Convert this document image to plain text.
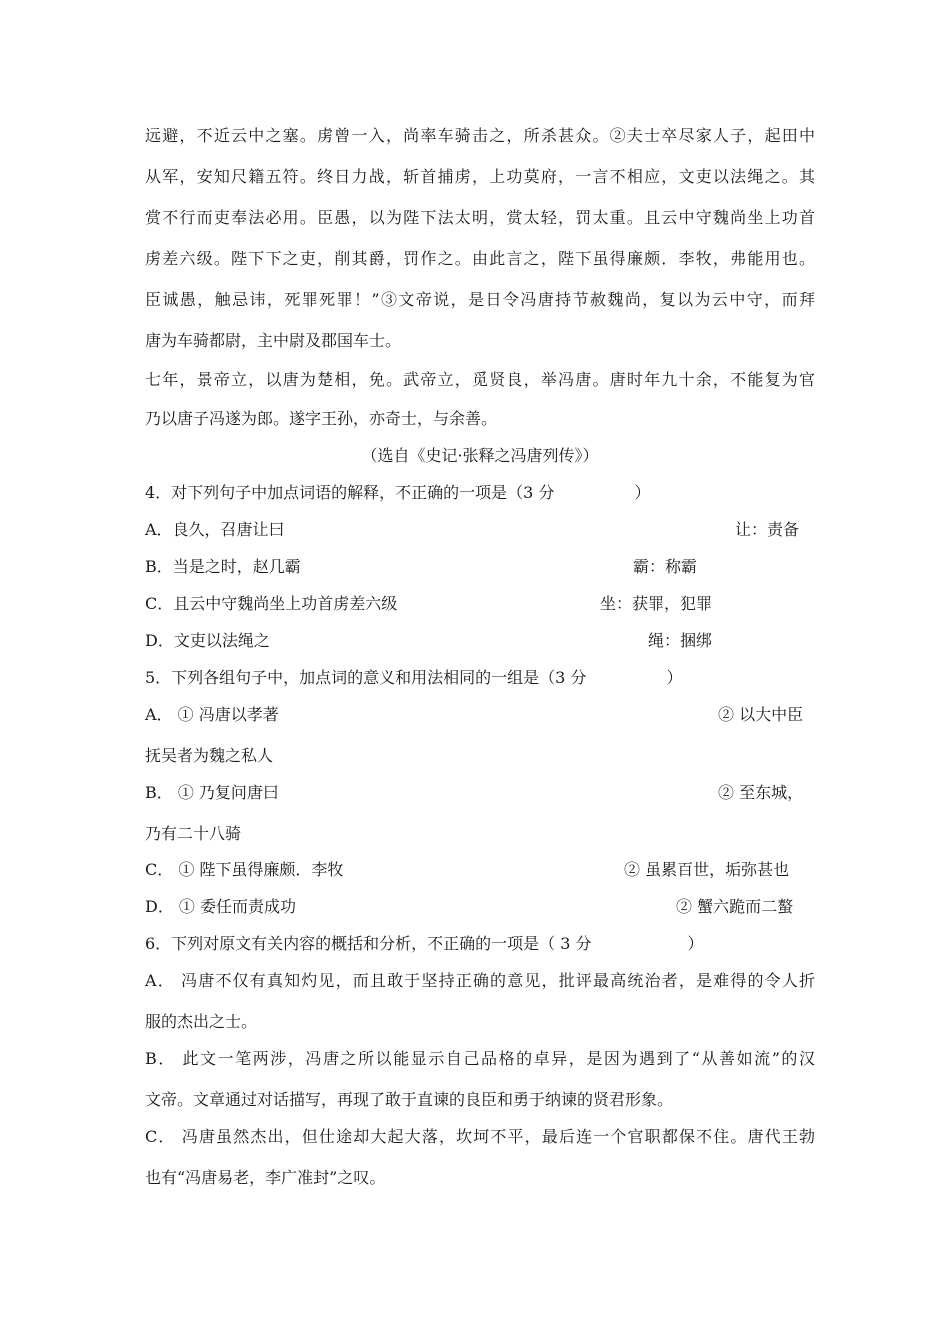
远避，不近云中之塞。虏曾一入，尚率车骑击之，所杀甚众。②夫士卒尽家人子，起田中
从军，安知尺籍五符。终日力战，斩首捕虏，上功莫府，一言不相应，文吏以法绳之。其
赏不行而吏奉法必用。臣愚，以为陛下法太明，赏太轻，罚太重。且云中守魏尚坐上功首
虏差六级。陛下下之吏，削其爵，罚作之。由此言之，陛下虽得廉颇．李牧，弗能用也。
臣诚愚，触忌讳，死罪死罪！”③文帝说，是日令冯唐持节赦魏尚，复以为云中守，而拜
唐为车骑都尉，主中尉及郡国车士。
七年，景帝立，以唐为楚相，免。武帝立，觅贤良，举冯唐。唐时年九十余，不能复为官
乃以唐子冯遂为郎。遂字王孙，亦奇士，与余善。
（选自《史记·张释之冯唐列传》）
4．对下列句子中加点词语的解释，不正确的一项是（3 分　　　　　）
A．良久，召唐让曰	让：责备
B．当是之时，赵几霸	霸：称霸
C．且云中守魏尚坐上功首虏差六级	坐：获罪，犯罪
D．文吏以法绳之	绳：捆绑
5．下列各组句子中，加点词的意义和用法相同的一组是（3 分　　　　　）
A． ① 冯唐以孝著	② 以大中臣
抚吴者为魏之私人
B． ① 乃复问唐曰	② 至东城，
乃有二十八骑
C． ① 陛下虽得廉颇．李牧	② 虽累百世，垢弥甚也
D． ① 委任而责成功	② 蟹六跪而二螯
6．下列对原文有关内容的概括和分析，不正确的一项是（ 3 分　　　　　　）
A． 冯唐不仅有真知灼见，而且敢于坚持正确的意见，批评最高统治者，是难得的令人折
服的杰出之士。
B． 此文一笔两涉，冯唐之所以能显示自己品格的卓异，是因为遇到了“从善如流”的汉
文帝。文章通过对话描写，再现了敢于直谏的良臣和勇于纳谏的贤君形象。
C． 冯唐虽然杰出，但仕途却大起大落，坎坷不平，最后连一个官职都保不住。唐代王勃
也有“冯唐易老，李广准封”之叹。
